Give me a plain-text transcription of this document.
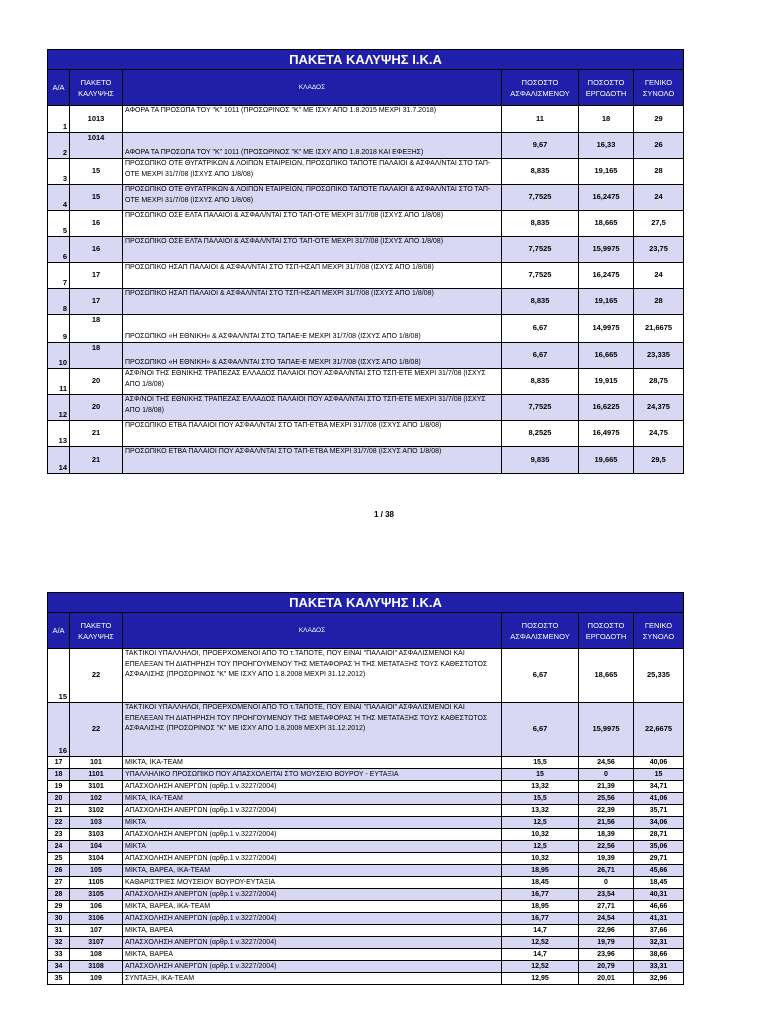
ΠΑΚΕΤΑ ΚΑΛΥΨΗΣ Ι.Κ.Α					
Α/Α	ΠΑΚΕΤΟ ΚΑΛΥΨΗΣ	ΚΛΑΔΟΣ	ΠΟΣΟΣΤΟ ΑΣΦΑΛΙΣΜΕΝΟΥ	ΠΟΣΟΣΤΟ ΕΡΓΟΔΟΤΗ	ΓΕΝΙΚΟ ΣΥΝΟΛΟ
1	1013	ΑΦΟΡΑ ΤΑ ΠΡΟΣΩΠΑ ΤΟΥ "Κ" 1011 (ΠΡΟΣΩΡΙΝΟΣ "Κ" ΜΕ ΙΣΧΥ ΑΠΟ 1.8.2015 ΜΕΧΡΙ 31.7.2018)	11	18	29
2	1014	ΑΦΟΡΑ ΤΑ ΠΡΟΣΩΠΑ ΤΟΥ "Κ" 1011 (ΠΡΟΣΩΡΙΝΟΣ "Κ" ΜΕ ΙΣΧΥ ΑΠΟ 1.8.2018 ΚΑΙ ΕΦΕΞΗΣ)	9,67	16,33	26
3	15	ΠΡΟΣΩΠΙΚΟ ΟΤΕ ΘΥΓΑΤΡΙΚΩΝ & ΛΟΙΠΩΝ ΕΤΑΙΡΕΙΩΝ, ΠΡΟΣΩΠΙΚΟ ΤΑΠΟΤΕ ΠΑΛΑΙΟΙ & ΑΣΦΑΛ/ΝΤΑΙ ΣΤΟ ΤΑΠ-ΟΤΕ ΜΕΧΡΙ 31/7/08 (ΙΣΧΥΣ ΑΠΟ 1/8/08)	8,835	19,165	28
4	15	ΠΡΟΣΩΠΙΚΟ ΟΤΕ ΘΥΓΑΤΡΙΚΩΝ & ΛΟΙΠΩΝ ΕΤΑΙΡΕΙΩΝ, ΠΡΟΣΩΠΙΚΟ ΤΑΠΟΤΕ ΠΑΛΑΙΟΙ & ΑΣΦΑΛ/ΝΤΑΙ ΣΤΟ ΤΑΠ-ΟΤΕ ΜΕΧΡΙ 31/7/08 (ΙΣΧΥΣ ΑΠΟ 1/8/08)	7,7525	16,2475	24
5	16	ΠΡΟΣΩΠΙΚΟ ΟΣΕ ΕΛΤΑ ΠΑΛΑΙΟΙ & ΑΣΦΑΛ/ΝΤΑΙ ΣΤΟ ΤΑΠ-ΟΤΕ ΜΕΧΡΙ 31/7/08 (ΙΣΧΥΣ ΑΠΟ 1/8/08)	8,835	18,665	27,5
6	16	ΠΡΟΣΩΠΙΚΟ ΟΣΕ ΕΛΤΑ ΠΑΛΑΙΟΙ & ΑΣΦΑΛ/ΝΤΑΙ ΣΤΟ ΤΑΠ-ΟΤΕ ΜΕΧΡΙ 31/7/08 (ΙΣΧΥΣ ΑΠΟ 1/8/08)	7,7525	15,9975	23,75
7	17	ΠΡΟΣΩΠΙΚΟ ΗΣΑΠ ΠΑΛΑΙΟΙ & ΑΣΦΑΛ/ΝΤΑΙ ΣΤΟ ΤΣΠ-ΗΣΑΠ ΜΕΧΡΙ 31/7/08 (ΙΣΧΥΣ ΑΠΟ 1/8/08)	7,7525	16,2475	24
8	17	ΠΡΟΣΩΠΙΚΟ ΗΣΑΠ ΠΑΛΑΙΟΙ & ΑΣΦΑΛ/ΝΤΑΙ ΣΤΟ ΤΣΠ-ΗΣΑΠ ΜΕΧΡΙ 31/7/08 (ΙΣΧΥΣ ΑΠΟ 1/8/08)	8,835	19,165	28
9	18	ΠΡΟΣΩΠΙΚΟ «Η ΕΘΝΙΚΗ» & ΑΣΦΑΛ/ΝΤΑΙ ΣΤΟ ΤΑΠΑΕ-Ε ΜΕΧΡΙ 31/7/08 (ΙΣΧΥΣ ΑΠΟ 1/8/08)	6,67	14,9975	21,6675
10	18	ΠΡΟΣΩΠΙΚΟ «Η ΕΘΝΙΚΗ» & ΑΣΦΑΛ/ΝΤΑΙ ΣΤΟ ΤΑΠΑΕ-Ε ΜΕΧΡΙ 31/7/08 (ΙΣΧΥΣ ΑΠΟ 1/8/08)	6,67	16,665	23,335
11	20	ΑΣΦ/ΝΟΙ ΤΗΣ ΕΘΝΙΚΗΣ ΤΡΑΠΕΖΑΣ ΕΛΛΑΔΟΣ ΠΑΛΑΙΟΙ ΠΟΥ ΑΣΦΑΛ/ΝΤΑΙ ΣΤΟ ΤΣΠ-ΕΤΕ ΜΕΧΡΙ 31/7/08 (ΙΣΧΥΣ ΑΠΟ 1/8/08)	8,835	19,915	28,75
12	20	ΑΣΦ/ΝΟΙ ΤΗΣ ΕΘΝΙΚΗΣ ΤΡΑΠΕΖΑΣ ΕΛΛΑΔΟΣ ΠΑΛΑΙΟΙ ΠΟΥ ΑΣΦΑΛ/ΝΤΑΙ ΣΤΟ ΤΣΠ-ΕΤΕ ΜΕΧΡΙ 31/7/08 (ΙΣΧΥΣ ΑΠΟ 1/8/08)	7,7525	16,6225	24,375
13	21	ΠΡΟΣΩΠΙΚΟ ΕΤΒΑ ΠΑΛΑΙΟΙ ΠΟΥ ΑΣΦΑΛ/ΝΤΑΙ ΣΤΟ ΤΑΠ-ΕΤΒΑ ΜΕΧΡΙ 31/7/08 (ΙΣΧΥΣ ΑΠΟ 1/8/08)	8,2525	16,4975	24,75
14	21	ΠΡΟΣΩΠΙΚΟ ΕΤΒΑ ΠΑΛΑΙΟΙ ΠΟΥ ΑΣΦΑΛ/ΝΤΑΙ ΣΤΟ ΤΑΠ-ΕΤΒΑ ΜΕΧΡΙ 31/7/08 (ΙΣΧΥΣ ΑΠΟ 1/8/08)	9,835	19,665	29,5
1 / 38
ΠΑΚΕΤΑ ΚΑΛΥΨΗΣ Ι.Κ.Α					
Α/Α	ΠΑΚΕΤΟ ΚΑΛΥΨΗΣ	ΚΛΑΔΟΣ	ΠΟΣΟΣΤΟ ΑΣΦΑΛΙΣΜΕΝΟΥ	ΠΟΣΟΣΤΟ ΕΡΓΟΔΟΤΗ	ΓΕΝΙΚΟ ΣΥΝΟΛΟ
15	22	ΤΑΚΤΙΚΟΙ ΥΠΑΛΛΗΛΟΙ, ΠΡΟΕΡΧΟΜΕΝΟΙ ΑΠΟ ΤΟ τ.ΤΑΠΟΤΕ, ΠΟΥ ΕΙΝΑΙ "ΠΑΛΑΙΟΙ" ΑΣΦΑΛΙΣΜΕΝΟΙ ΚΑΙ ΕΠΕΛΕΞΑΝ ΤΗ ΔΙΑΤΗΡΗΣΗ ΤΟΥ ΠΡΟΗΓΟΥΜΕΝΟΥ ΤΗΣ ΜΕΤΑΦΟΡΑΣ Ή ΤΗΣ ΜΕΤΑΤΑΞΗΣ ΤΟΥΣ ΚΑΘΕΣΤΩΤΟΣ ΑΣΦΑΛΙΣΗΣ (ΠΡΟΣΩΡΙΝΟΣ "Κ" ΜΕ ΙΣΧΥ ΑΠΟ 1.8.2008 ΜΕΧΡΙ 31.12.2012)	6,67	18,665	25,335
16	22	ΤΑΚΤΙΚΟΙ ΥΠΑΛΛΗΛΟΙ, ΠΡΟΕΡΧΟΜΕΝΟΙ ΑΠΟ ΤΟ τ.ΤΑΠΟΤΕ, ΠΟΥ ΕΙΝΑΙ "ΠΑΛΑΙΟΙ" ΑΣΦΑΛΙΣΜΕΝΟΙ ΚΑΙ ΕΠΕΛΕΞΑΝ ΤΗ ΔΙΑΤΗΡΗΣΗ ΤΟΥ ΠΡΟΗΓΟΥΜΕΝΟΥ ΤΗΣ ΜΕΤΑΦΟΡΑΣ Ή ΤΗΣ ΜΕΤΑΤΑΞΗΣ ΤΟΥΣ ΚΑΘΕΣΤΩΤΟΣ ΑΣΦΑΛΙΣΗΣ (ΠΡΟΣΩΡΙΝΟΣ "Κ" ΜΕ ΙΣΧΥ ΑΠΟ 1.8.2008 ΜΕΧΡΙ 31.12.2012)	6,67	15,9975	22,6675
17	101	ΜΙΚΤΑ, ΙΚΑ-TEAM	15,5	24,56	40,06
18	1101	ΥΠΑΛΛΗΛΙΚΟ ΠΡΟΣΩΠΙΚΟ ΠΟΥ ΑΠΑΣΧΟΛΕΙΤΑΙ ΣΤΟ ΜΟΥΣΕΙΟ ΒΟΥΡΟΥ - ΕΥΤΑΞΙΑ	15	0	15
19	3101	ΑΠΑΣΧΟΛΗΣΗ ΑΝΕΡΓΩΝ (αρθρ.1 ν.3227/2004)	13,32	21,39	34,71
20	102	ΜΙΚΤΑ, ΙΚΑ-TEAM	15,5	25,56	41,06
21	3102	ΑΠΑΣΧΟΛΗΣΗ ΑΝΕΡΓΩΝ (αρθρ.1 ν.3227/2004)	13,32	22,39	35,71
22	103	ΜΙΚΤΑ	12,5	21,56	34,06
23	3103	ΑΠΑΣΧΟΛΗΣΗ ΑΝΕΡΓΩΝ (αρθρ.1 ν.3227/2004)	10,32	18,39	28,71
24	104	ΜΙΚΤΑ	12,5	22,56	35,06
25	3104	ΑΠΑΣΧΟΛΗΣΗ ΑΝΕΡΓΩΝ (αρθρ.1 ν.3227/2004)	10,32	19,39	29,71
26	105	ΜΙΚΤΑ, ΒΑΡΕΑ, ΙΚΑ-TEAM	18,95	26,71	45,66
27	1105	ΚΑΘΑΡΙΣΤΡΙΕΣ ΜΟΥΣΕΙΟΥ ΒΟΥΡΟΥ-ΕΥΤΑΞΙΑ	18,45	0	18,45
28	3105	ΑΠΑΣΧΟΛΗΣΗ ΑΝΕΡΓΩΝ (αρθρ.1 ν.3227/2004)	16,77	23,54	40,31
29	106	ΜΙΚΤΑ, ΒΑΡΕΑ, ΙΚΑ-TEAM	18,95	27,71	46,66
30	3106	ΑΠΑΣΧΟΛΗΣΗ ΑΝΕΡΓΩΝ (αρθρ.1 ν.3227/2004)	16,77	24,54	41,31
31	107	ΜΙΚΤΑ, ΒΑΡΕΑ	14,7	22,96	37,66
32	3107	ΑΠΑΣΧΟΛΗΣΗ ΑΝΕΡΓΩΝ (αρθρ.1 ν.3227/2004)	12,52	19,79	32,31
33	108	ΜΙΚΤΑ, ΒΑΡΕΑ	14,7	23,96	38,66
34	3108	ΑΠΑΣΧΟΛΗΣΗ ΑΝΕΡΓΩΝ (αρθρ.1 ν.3227/2004)	12,52	20,79	33,31
35	109	ΣΥΝΤΑΞΗ, ΙΚΑ-TEAM	12,95	20,01	32,96
